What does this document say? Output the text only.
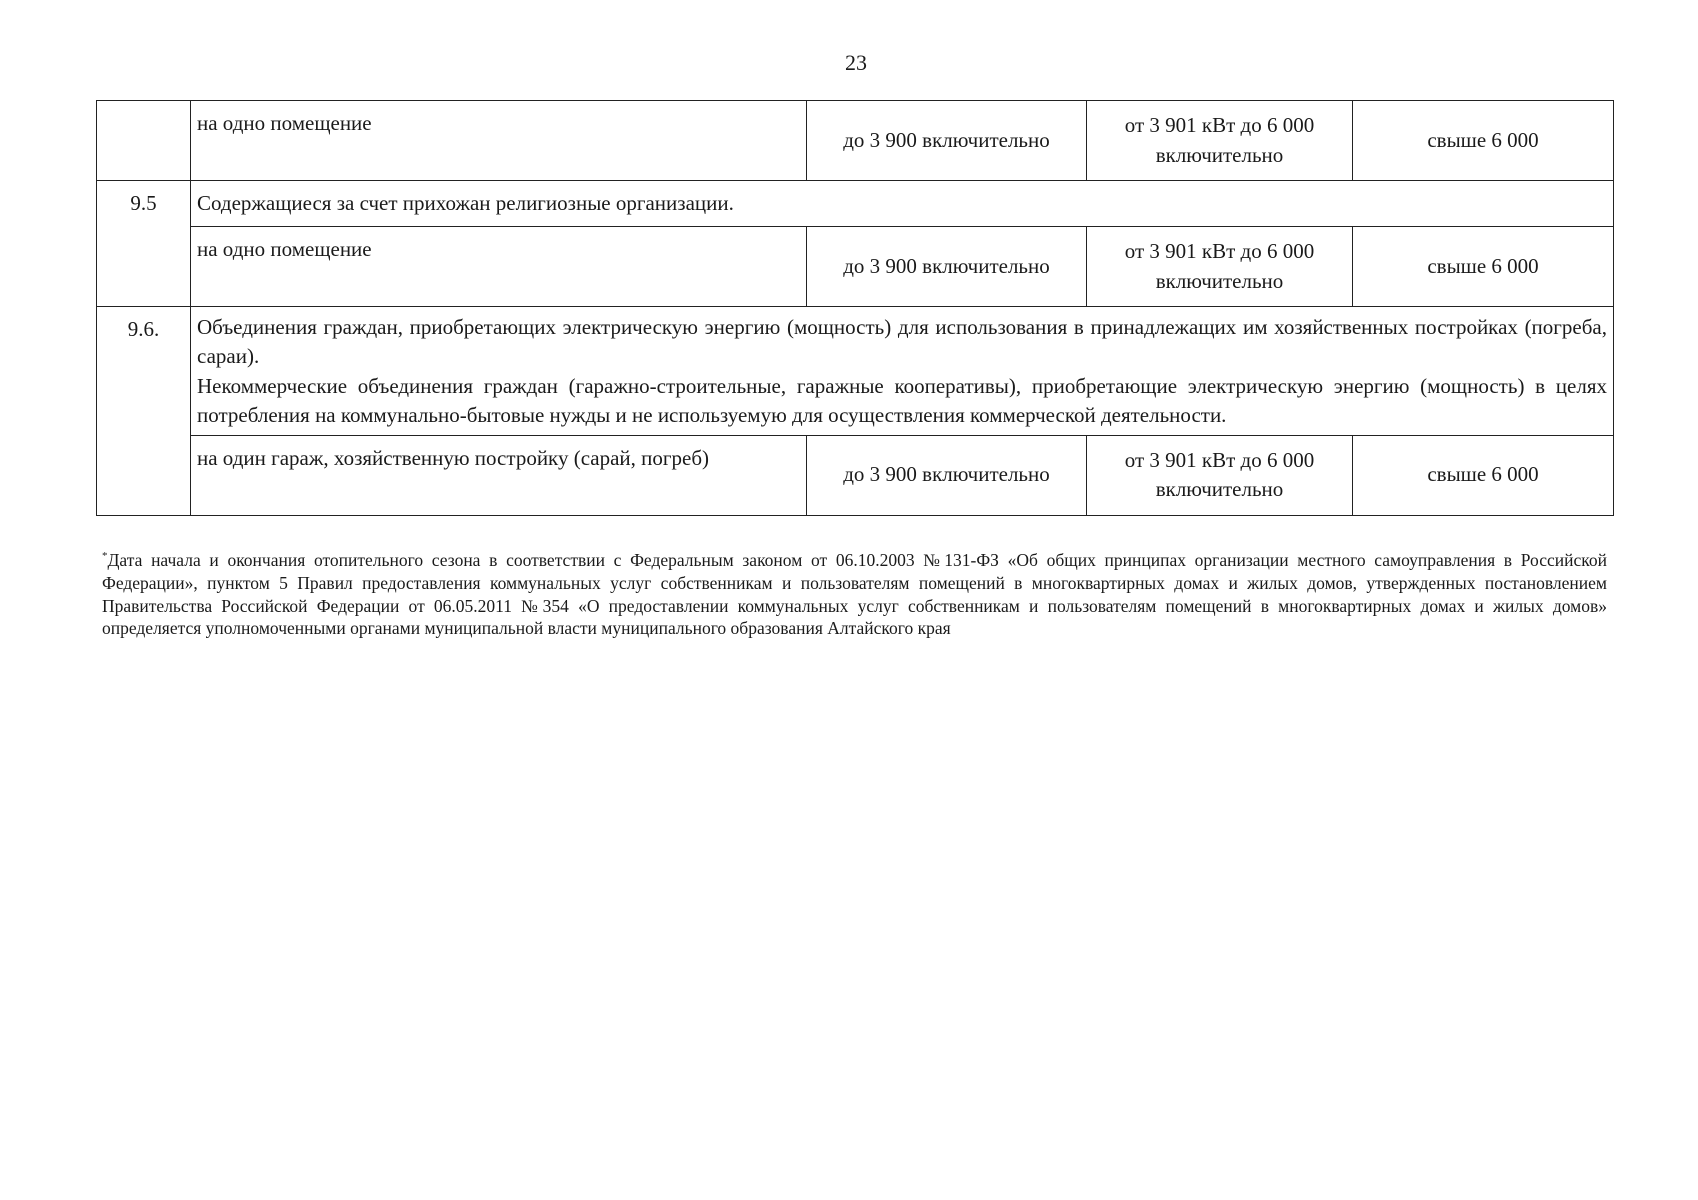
23
	на одно помещение	до 3 900 включительно	от 3 901 кВт до 6 000 включительно	свыше 6 000
9.5	Содержащиеся за счет прихожан религиозные организации.			
	на одно помещение	до 3 900 включительно	от 3 901 кВт до 6 000 включительно	свыше 6 000
9.6.	Объединения граждан, приобретающих электрическую энергию (мощность) для использования в принадлежащих им хозяйственных постройках (погреба, сараи).

Некоммерческие объединения граждан (гаражно-строительные, гаражные кооперативы), приобретающие электрическую энергию (мощность) в целях потребления на коммунально-бытовые нужды и не используемую для осуществления коммерческой деятельности.			

	на один гараж, хозяйственную постройку (сарай, погреб)	до 3 900 включительно	от 3 901 кВт до 6 000 включительно	свыше 6 000
*Дата начала и окончания отопительного сезона в соответствии с Федеральным законом от 06.10.2003 №131-ФЗ «Об общих принципах организации местного самоуправления в Российской Федерации», пунктом 5 Правил предоставления коммунальных услуг собственникам и пользователям помещений в многоквартирных домах и жилых домов, утвержденных постановлением Правительства Российской Федерации от 06.05.2011 №354 «О предоставлении коммунальных услуг собственникам и пользователям помещений в многоквартирных домах и жилых домов» определяется уполномоченными органами муниципальной власти муниципального образования Алтайского края
